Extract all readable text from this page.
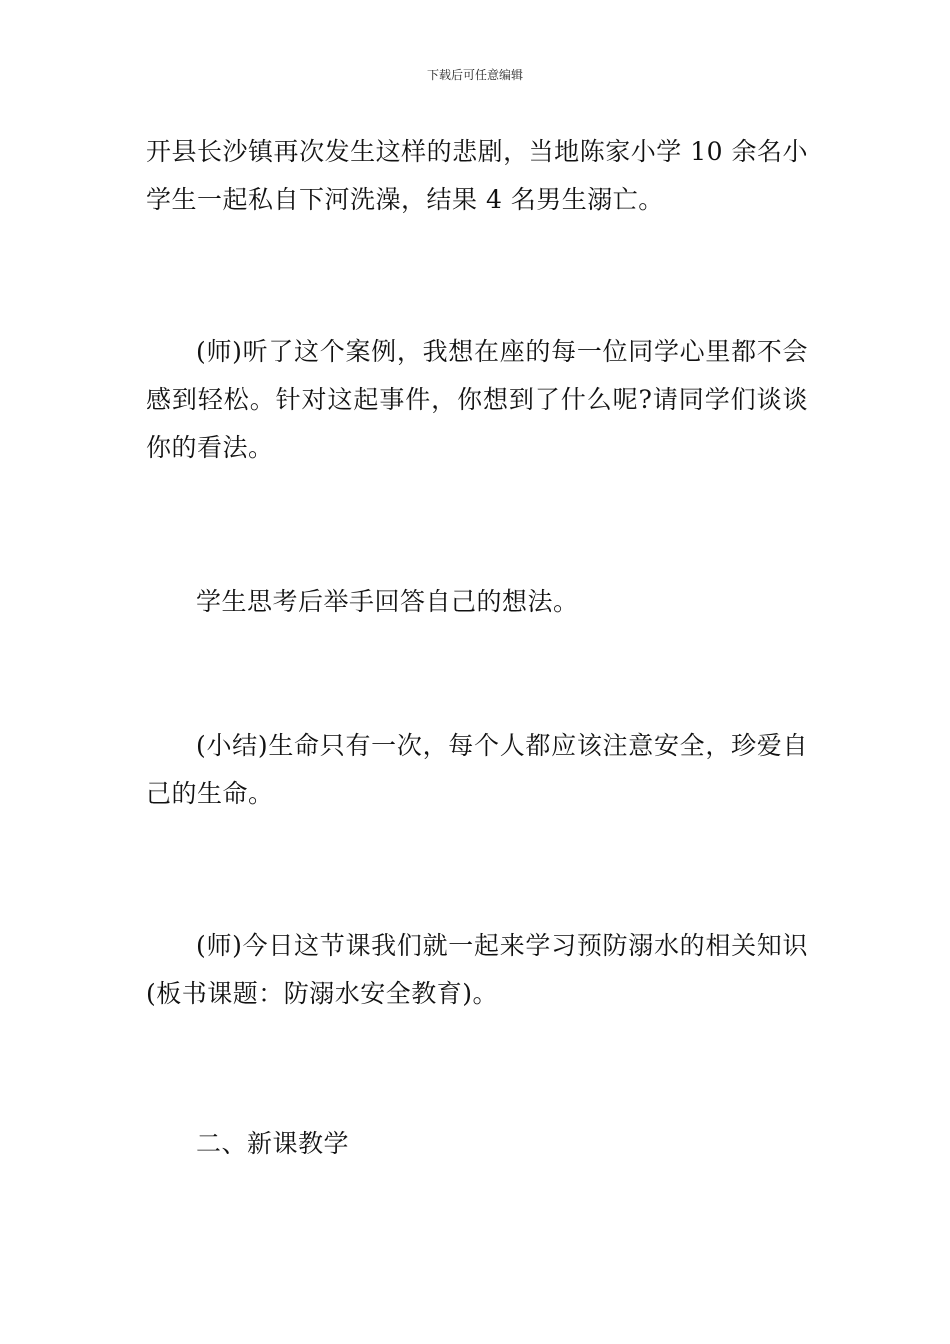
下载后可任意编辑

开县长沙镇再次发生这样的悲剧，当地陈家小学 10 余名小学生一起私自下河洗澡，结果 4 名男生溺亡。

(师)听了这个案例，我想在座的每一位同学心里都不会感到轻松。针对这起事件，你想到了什么呢?请同学们谈谈你的看法。

学生思考后举手回答自己的想法。

(小结)生命只有一次，每个人都应该注意安全，珍爱自己的生命。

(师)今日这节课我们就一起来学习预防溺水的相关知识(板书课题：防溺水安全教育)。

二、新课教学
